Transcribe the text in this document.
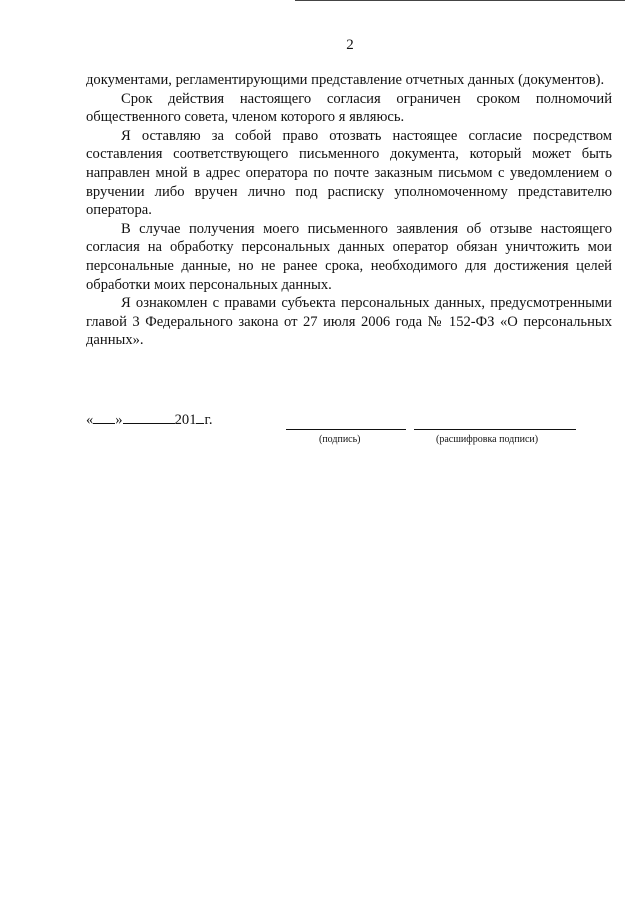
2

документами, регламентирующими представление отчетных данных (документов).

Срок действия настоящего согласия ограничен сроком полномочий общественного совета, членом которого я являюсь.

Я оставляю за собой право отозвать настоящее согласие посредством составления соответствующего письменного документа, который может быть направлен мной в адрес оператора по почте заказным письмом с уведомлением о вручении либо вручен лично под расписку уполномоченному представителю оператора.

В случае получения моего письменного заявления об отзыве настоящего согласия на обработку персональных данных оператор обязан уничтожить мои персональные данные, но не ранее срока, необходимого для достижения целей обработки моих персональных данных.

Я ознакомлен с правами субъекта персональных данных, предусмотренными главой 3 Федерального закона от 27 июля 2006 года № 152-ФЗ «О персональных данных».

« »	201 г.
(подпись)	(расшифровка подписи)
